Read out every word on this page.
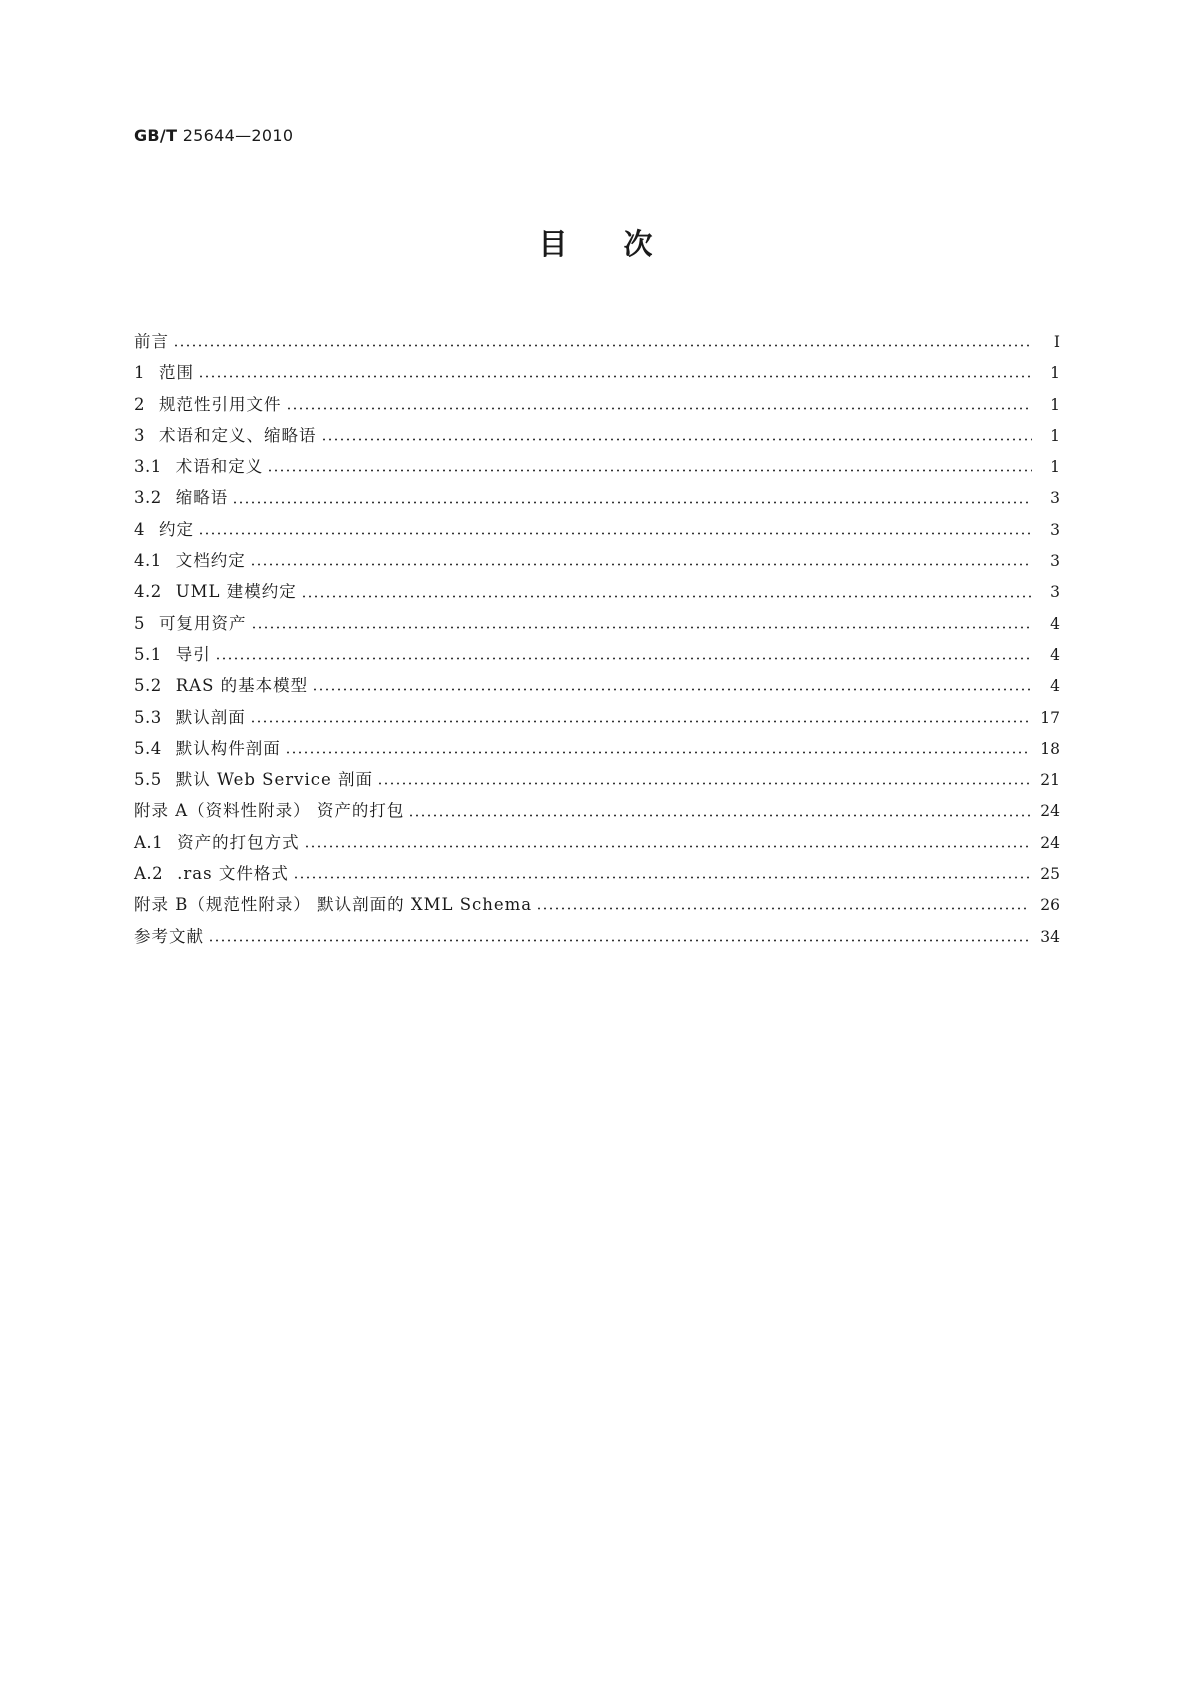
GB/T 25644—2010
目次
前言	Ⅰ
1 范围	1
2 规范性引用文件	1
3 术语和定义、缩略语	1
3.1 术语和定义	1
3.2 缩略语	3
4 约定	3
4.1 文档约定	3
4.2 UML 建模约定	3
5 可复用资产	4
5.1 导引	4
5.2 RAS 的基本模型	4
5.3 默认剖面	17
5.4 默认构件剖面	18
5.5 默认 Web Service 剖面	21
附录 A（资料性附录） 资产的打包	24
A.1 资产的打包方式	24
A.2 .ras 文件格式	25
附录 B（规范性附录） 默认剖面的 XML Schema	26
参考文献	34
